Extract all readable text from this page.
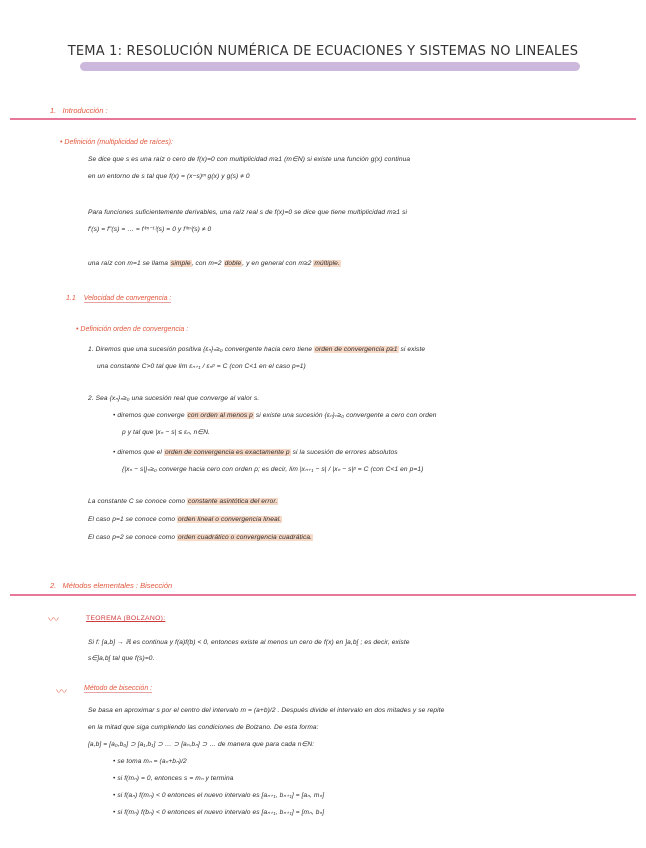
TEMA 1: RESOLUCIÓN NUMÉRICA DE ECUACIONES Y SISTEMAS NO LINEALES
1. Introducción :
• Definición (multiplicidad de raíces):
Se dice que s es una raíz o cero de f(x)=0 con multiplicidad m≥1 (m∈N) si existe una función g(x) continua
en un entorno de s tal que f(x) = (x−s)ᵐ g(x) y g(s) ≠ 0
Para funciones suficientemente derivables, una raíz real s de f(x)=0 se dice que tiene multiplicidad m≥1 si
f′(s) = f″(s) = … = f⁽ᵐ⁻¹⁾(s) = 0 y f⁽ᵐ⁾(s) ≠ 0
una raíz con m=1 se llama simple, con m=2 doble, y en general con m≥2 múltiple.
1.1 Velocidad de convergencia :
• Definición orden de convergencia :
1. Diremos que una sucesión positiva {εₙ}ₙ≥₀ convergente hacia cero tiene orden de convergencia p≥1 si existe
una constante C>0 tal que lim εₙ₊₁ / εₙᵖ = C (con C<1 en el caso p=1)
2. Sea {xₙ}ₙ≥₀ una sucesión real que converge al valor s.
• diremos que converge con orden al menos p si existe una sucesión {εₙ}ₙ≥₀ convergente a cero con orden
p y tal que |xₙ − s| ≤ εₙ, n∈N.
• diremos que el orden de convergencia es exactamente p si la sucesión de errores absolutos
{|xₙ − s|}ₙ≥₀ converge hacia cero con orden p; es decir, lim |xₙ₊₁ − s| / |xₙ − s|ᵖ = C (con C<1 en p=1)
La constante C se conoce como constante asintótica del error.
El caso p=1 se conoce como orden lineal o convergencia lineal.
El caso p=2 se conoce como orden cuadrático o convergencia cuadrática.
2. Métodos elementales : Bisección
〰	TEOREMA (BOLZANO):
Si f: [a,b] → ℝ es continua y f(a)f(b) < 0, entonces existe al menos un cero de f(x) en ]a,b[ ; es decir, existe
s∈]a,b[ tal que f(s)=0.
〰 Método de bisección :
Se basa en aproximar s por el centro del intervalo m = (a+b)/2 . Después divide el intervalo en dos mitades y se repite
en la mitad que siga cumpliendo las condiciones de Bolzano. De esta forma:
[a,b] = [a₀,b₀] ⊃ [a₁,b₁] ⊃ … ⊃ [aₙ,bₙ] ⊃ … de manera que para cada n∈N:
• se toma mₙ = (aₙ+bₙ)/2
• si f(mₙ) = 0, entonces s = mₙ y termina
• si f(aₙ) f(mₙ) < 0 entonces el nuevo intervalo es [aₙ₊₁, bₙ₊₁] = [aₙ, mₙ]
• si f(mₙ) f(bₙ) < 0 entonces el nuevo intervalo es [aₙ₊₁, bₙ₊₁] = [mₙ, bₙ]
